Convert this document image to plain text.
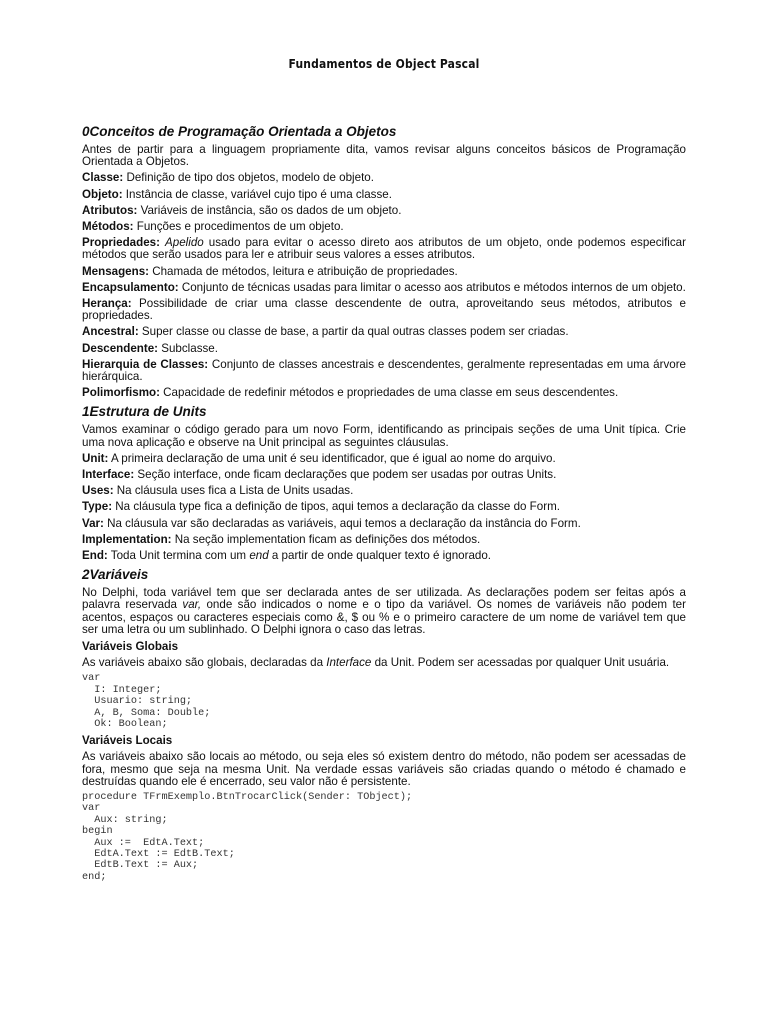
Fundamentos de Object Pascal
0Conceitos de Programação Orientada a Objetos
Antes de partir para a linguagem propriamente dita, vamos revisar alguns conceitos básicos de Programação Orientada a Objetos.
Classe: Definição de tipo dos objetos, modelo de objeto.
Objeto: Instância de classe, variável cujo tipo é uma classe.
Atributos: Variáveis de instância, são os dados de um objeto.
Métodos: Funções e procedimentos de um objeto.
Propriedades: Apelido usado para evitar o acesso direto aos atributos de um objeto, onde podemos especificar métodos que serão usados para ler e atribuir seus valores a esses atributos.
Mensagens: Chamada de métodos, leitura e atribuição de propriedades.
Encapsulamento: Conjunto de técnicas usadas para limitar o acesso aos atributos e métodos internos de um objeto.
Herança: Possibilidade de criar uma classe descendente de outra, aproveitando seus métodos, atributos e propriedades.
Ancestral: Super classe ou classe de base, a partir da qual outras classes podem ser criadas.
Descendente: Subclasse.
Hierarquia de Classes: Conjunto de classes ancestrais e descendentes, geralmente representadas em uma árvore hierárquica.
Polimorfismo: Capacidade de redefinir métodos e propriedades de uma classe em seus descendentes.
1Estrutura de Units
Vamos examinar o código gerado para um novo Form, identificando as principais seções de uma Unit típica. Crie uma nova aplicação e observe na Unit principal as seguintes cláusulas.
Unit: A primeira declaração de uma unit é seu identificador, que é igual ao nome do arquivo.
Interface: Seção interface, onde ficam declarações que podem ser usadas por outras Units.
Uses: Na cláusula uses fica a Lista de Units usadas.
Type: Na cláusula type fica a definição de tipos, aqui temos a declaração da classe do Form.
Var: Na cláusula var são declaradas as variáveis, aqui temos a declaração da instância do Form.
Implementation: Na seção implementation ficam as definições dos métodos.
End: Toda Unit termina com um end a partir de onde qualquer texto é ignorado.
2Variáveis
No Delphi, toda variável tem que ser declarada antes de ser utilizada. As declarações podem ser feitas após a palavra reservada var, onde são indicados o nome e o tipo da variável. Os nomes de variáveis não podem ter acentos, espaços ou caracteres especiais como &, $ ou % e o primeiro caractere de um nome de variável tem que ser uma letra ou um sublinhado. O Delphi ignora o caso das letras.
Variáveis Globais
As variáveis abaixo são globais, declaradas da Interface da Unit. Podem ser acessadas por qualquer Unit usuária.
var
I: Integer;
Usuario: string;
A, B, Soma: Double;
Ok: Boolean;
Variáveis Locais
As variáveis abaixo são locais ao método, ou seja eles só existem dentro do método, não podem ser acessadas de fora, mesmo que seja na mesma Unit. Na verdade essas variáveis são criadas quando o método é chamado e destruídas quando ele é encerrado, seu valor não é persistente.
procedure TFrmExemplo.BtnTrocarClick(Sender: TObject);
var
Aux: string;
begin
Aux :=  EdtA.Text;
EdtA.Text := EdtB.Text;
EdtB.Text := Aux;
end;
